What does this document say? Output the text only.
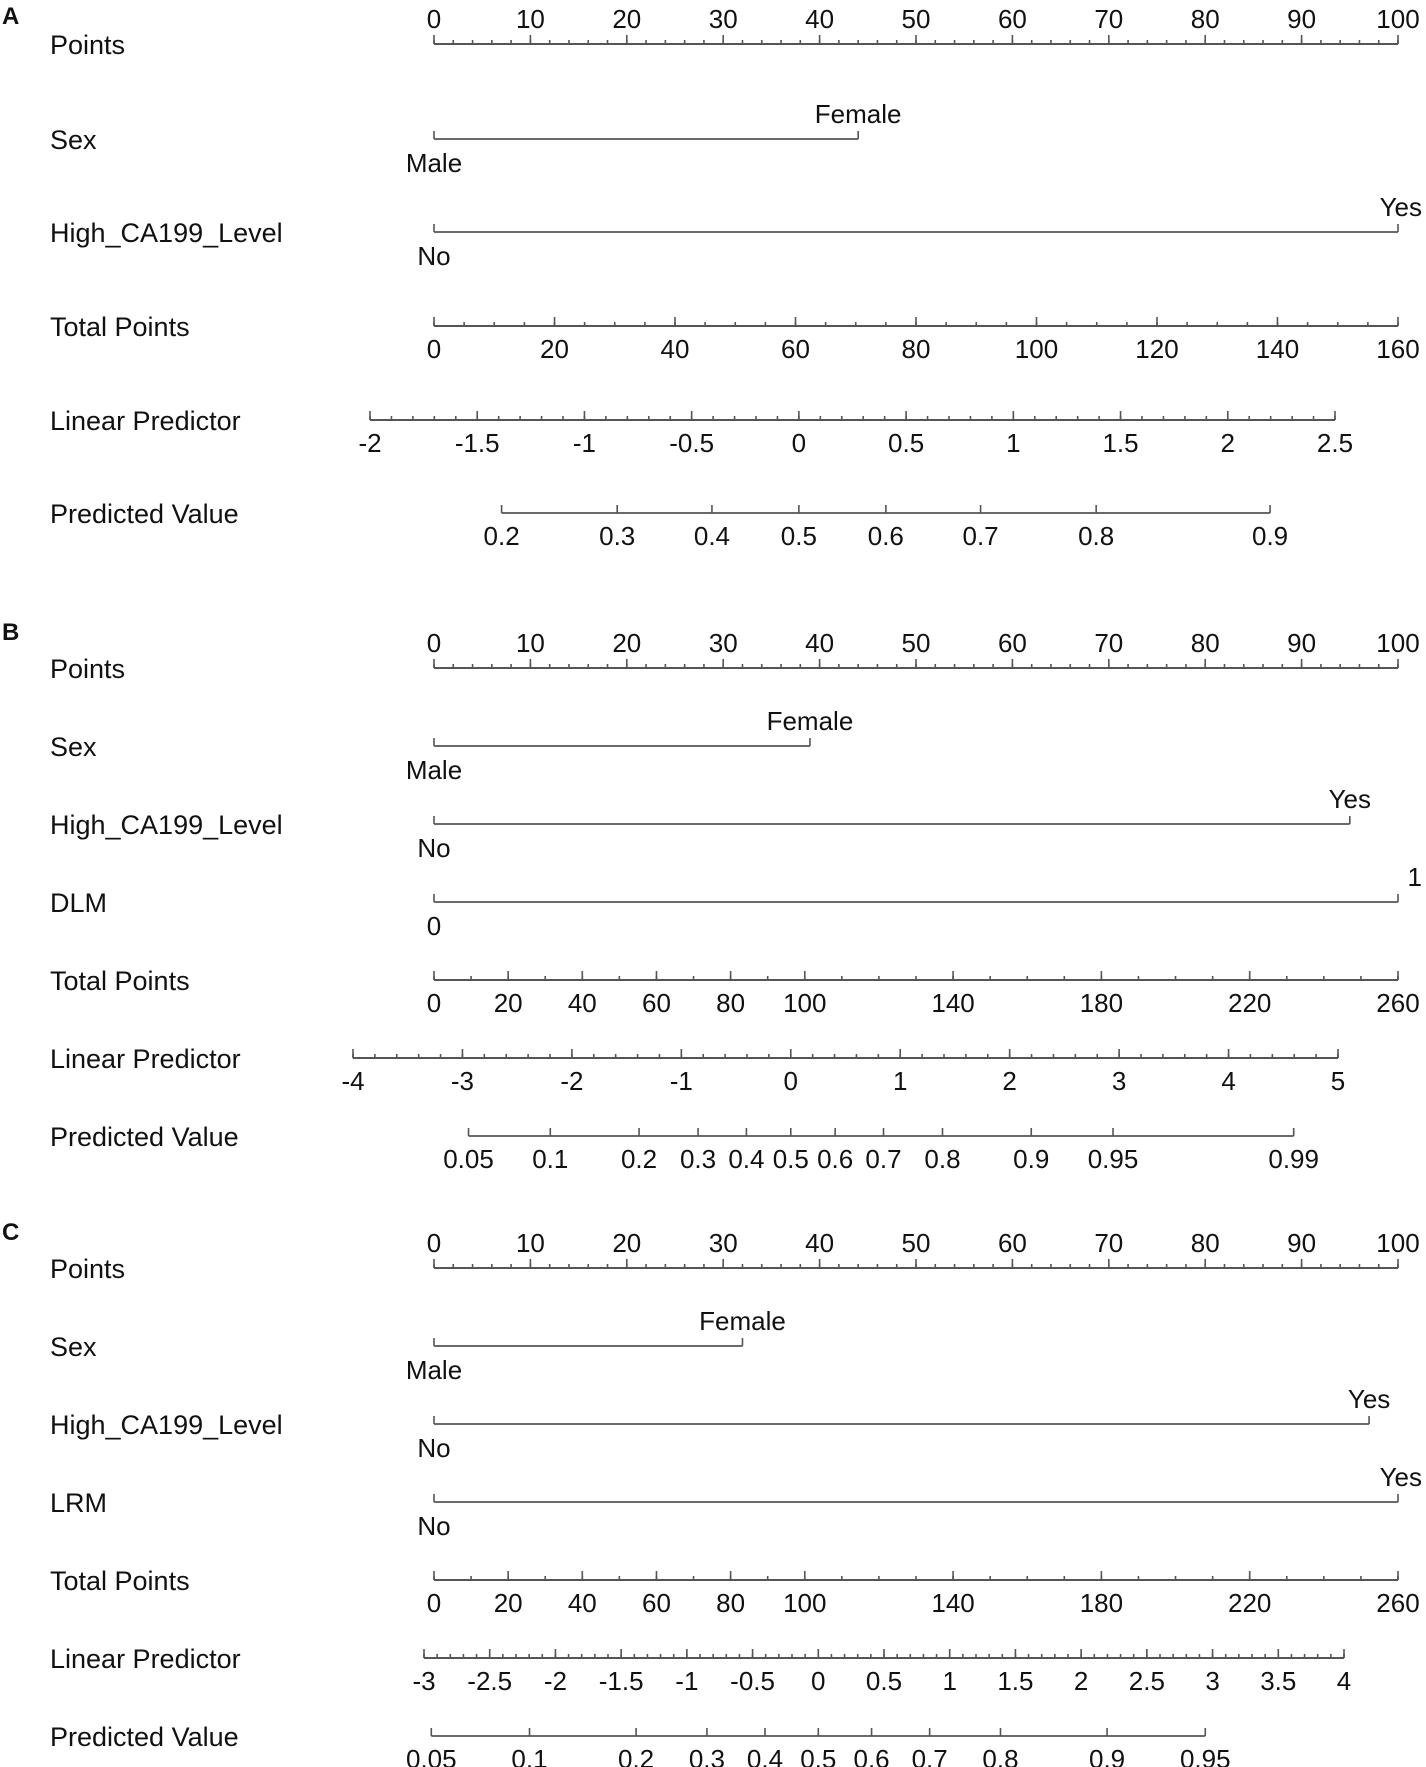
A
Points
0	10	20	30	40	50	60	70	80	90 100
Sex
Male
Female
High_CA199_Level
No
Yes
Total Points
0	20	40	60	80	100	120	140	160
Linear Predictor
-2	-1.5	-1	-0.5	0	0.5	1	1.5	2	2.5
Predicted Value
0.2	0.3 0.4 0.5 0.6 0.7	0.8	0.9
B
Points
0	10	20	30	40	50	60	70	80	90 100
Sex
Male
Female
High_CA199_Level
No
Yes
DLM
0
1
Total Points
0 20 40 60 80 100	140	180	220	260
Linear Predictor
-4	-3	-2	-1	0	1	2	3	4	5
Predicted Value
0.05 0.1 0.2 0.3 0.4 0.5 0.6 0.7 0.8 0.9 0.95	0.99
C
Points
0	10	20	30	40	50	60	70	80	90 100
Sex
Male
Female
High_CA199_Level
No
Yes
LRM
No
Yes
Total Points
0 20 40 60 80 100	140	180	220	260
Linear Predictor
-3 -2.5 -2 -1.5 -1 -0.5 0 0.5 1 1.5 2 2.5 3 3.5 4
Predicted Value
0.05 0.1	0.2 0.3 0.4 0.5 0.6 0.7 0.8	0.9 0.95
